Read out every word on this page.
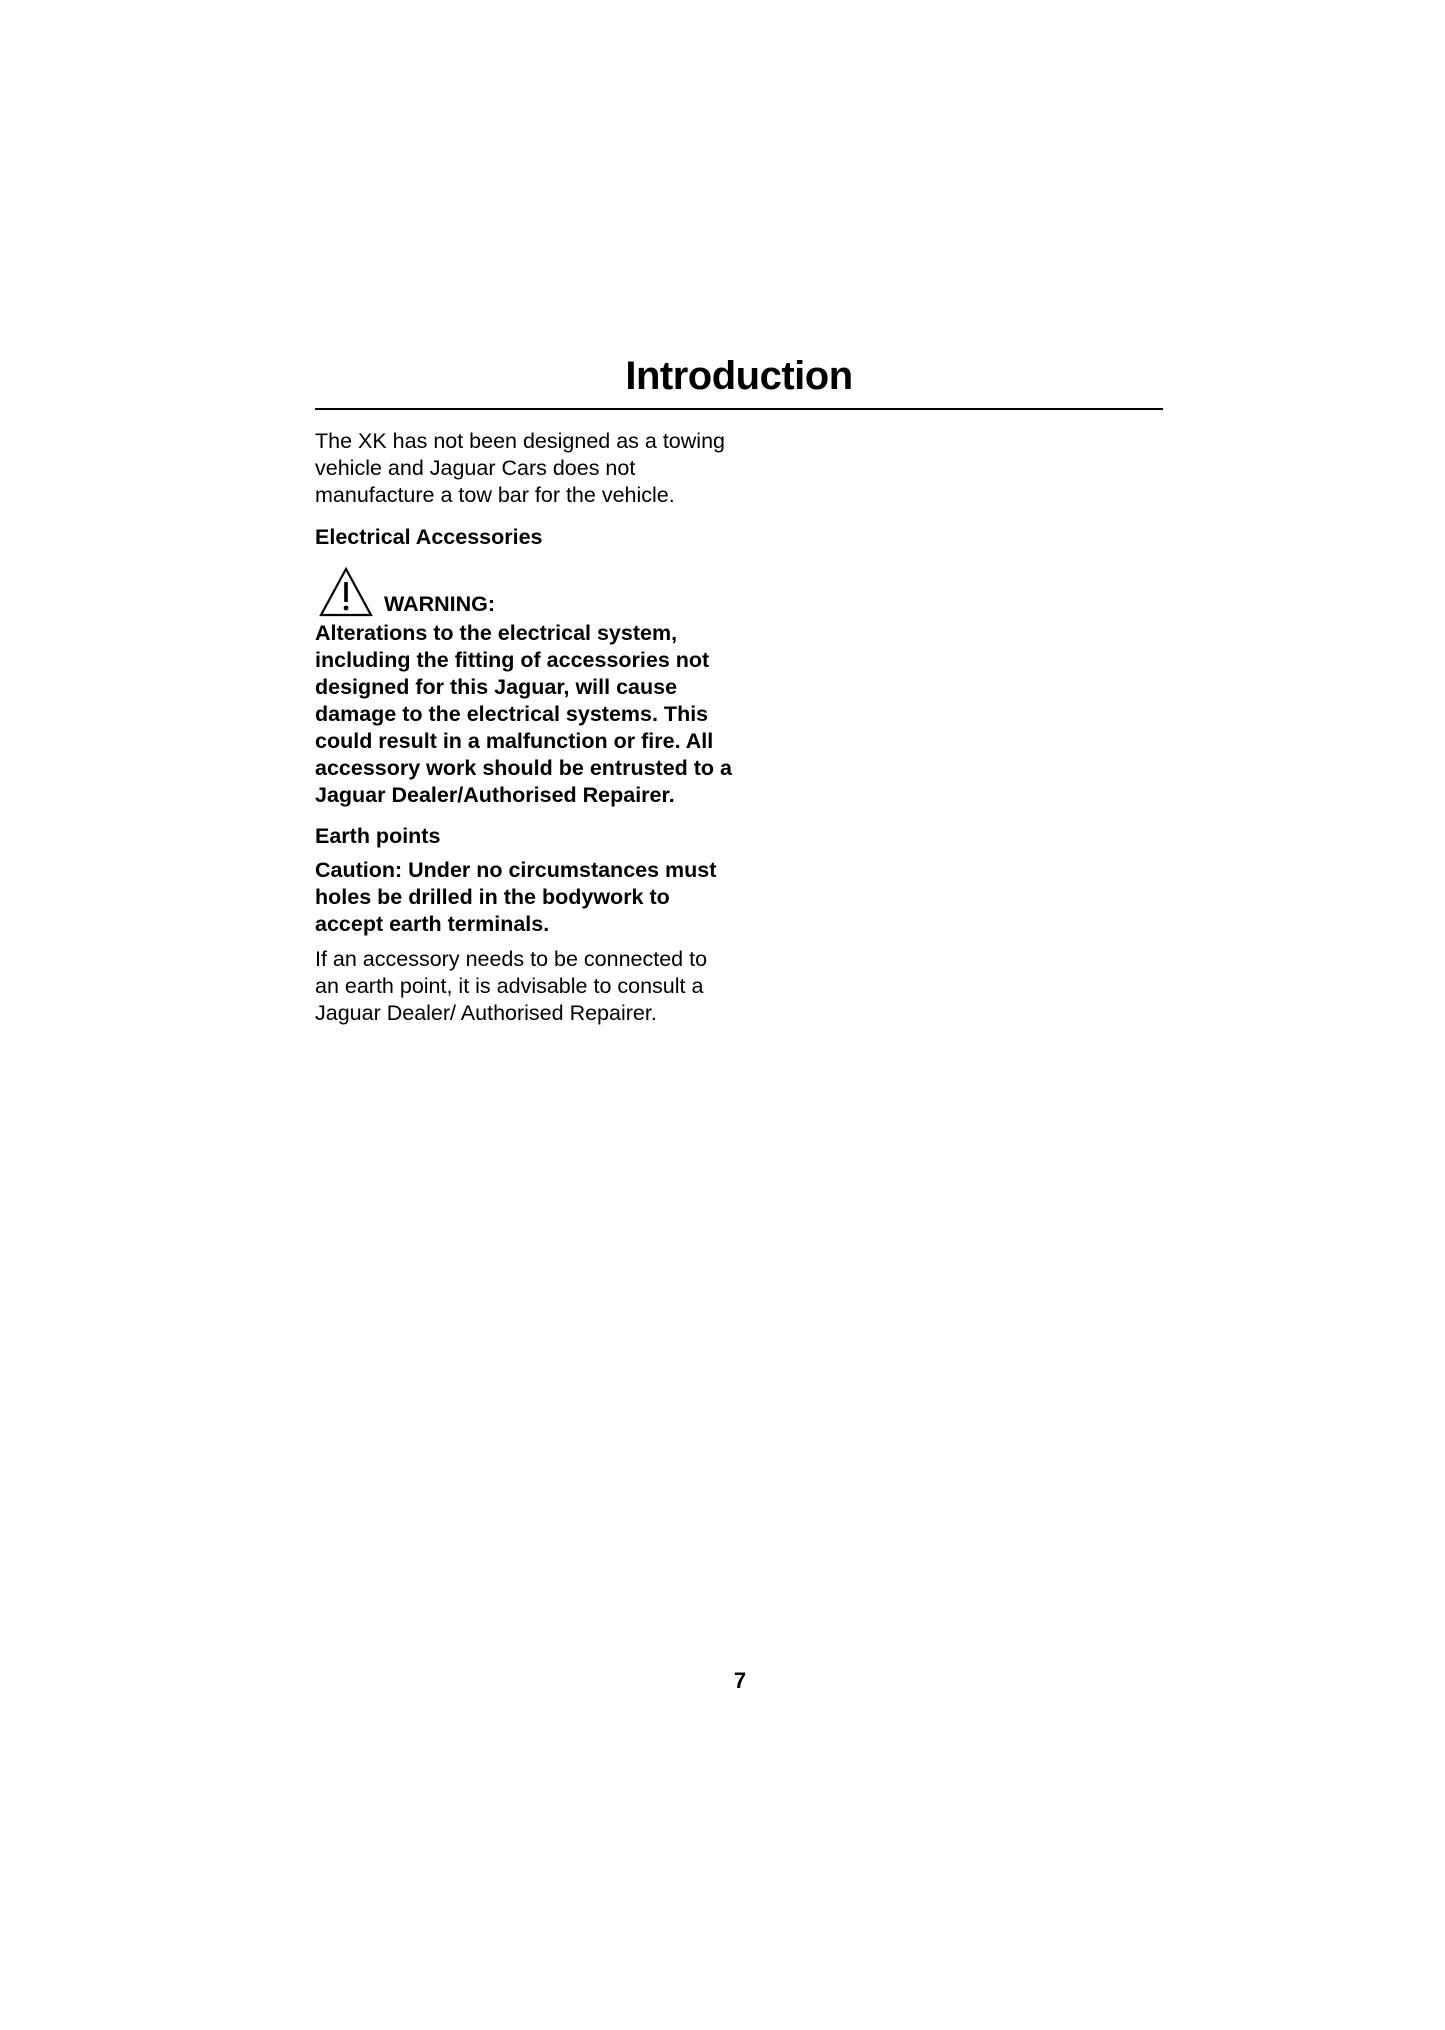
Introduction

The XK has not been designed as a towing vehicle and Jaguar Cars does not manufacture a tow bar for the vehicle.

Electrical Accessories

WARNING:

Alterations to the electrical system, including the fitting of accessories not designed for this Jaguar, will cause damage to the electrical systems. This could result in a malfunction or fire. All accessory work should be entrusted to a Jaguar Dealer/Authorised Repairer.

Earth points

Caution: Under no circumstances must holes be drilled in the bodywork to accept earth terminals.

If an accessory needs to be connected to an earth point, it is advisable to consult a Jaguar Dealer/ Authorised Repairer.

7
